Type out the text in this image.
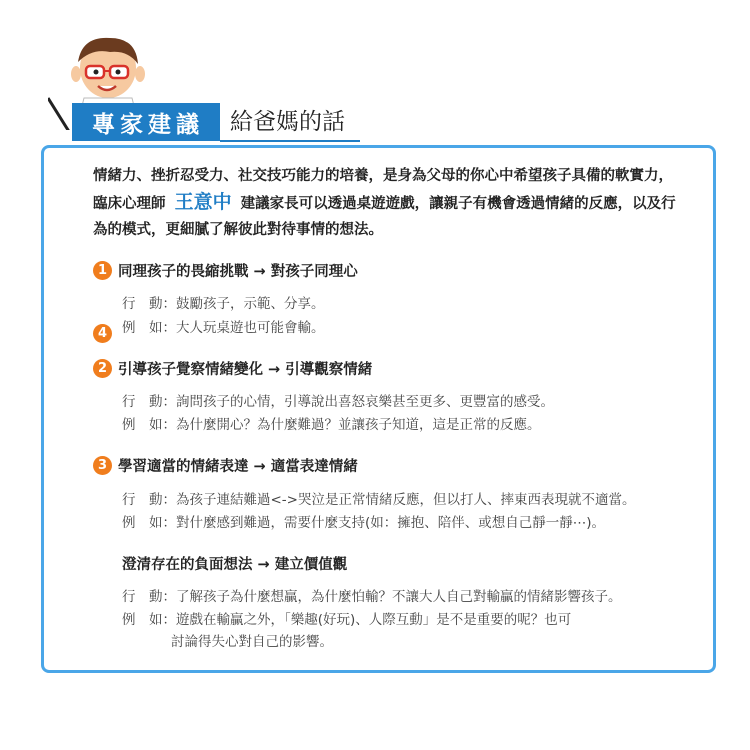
專家建議	給爸媽的話
情緒力、挫折忍受力、社交技巧能力的培養，是身為父母的你心中希望孩子具備的軟實力，臨床心理師 王意中 建議家長可以透過桌遊遊戲，讓親子有機會透過情緒的反應，以及行為的模式，更細膩了解彼此對待事情的想法。
1 同理孩子的畏縮挑戰 → 對孩子同理心
行　動：鼓勵孩子，示範、分享。
例　如：大人玩桌遊也可能會輸。
4
2 引導孩子覺察情緒變化 → 引導觀察情緒
行　動：詢問孩子的心情，引導說出喜怒哀樂甚至更多、更豐富的感受。
例　如：為什麼開心？為什麼難過？並讓孩子知道，這是正常的反應。
3 學習適當的情緒表達 → 適當表達情緒
行　動：為孩子連結難過<->哭泣是正常情緒反應，但以打人、摔東西表現就不適當。
例　如：對什麼感到難過，需要什麼支持(如：擁抱、陪伴、或想自己靜一靜⋯)。
澄清存在的負面想法 → 建立價值觀
行　動：了解孩子為什麼想贏，為什麼怕輸？不讓大人自己對輸贏的情緒影響孩子。
例　如：遊戲在輸贏之外，「樂趣(好玩)、人際互動」是不是重要的呢？也可
討論得失心對自己的影響。
